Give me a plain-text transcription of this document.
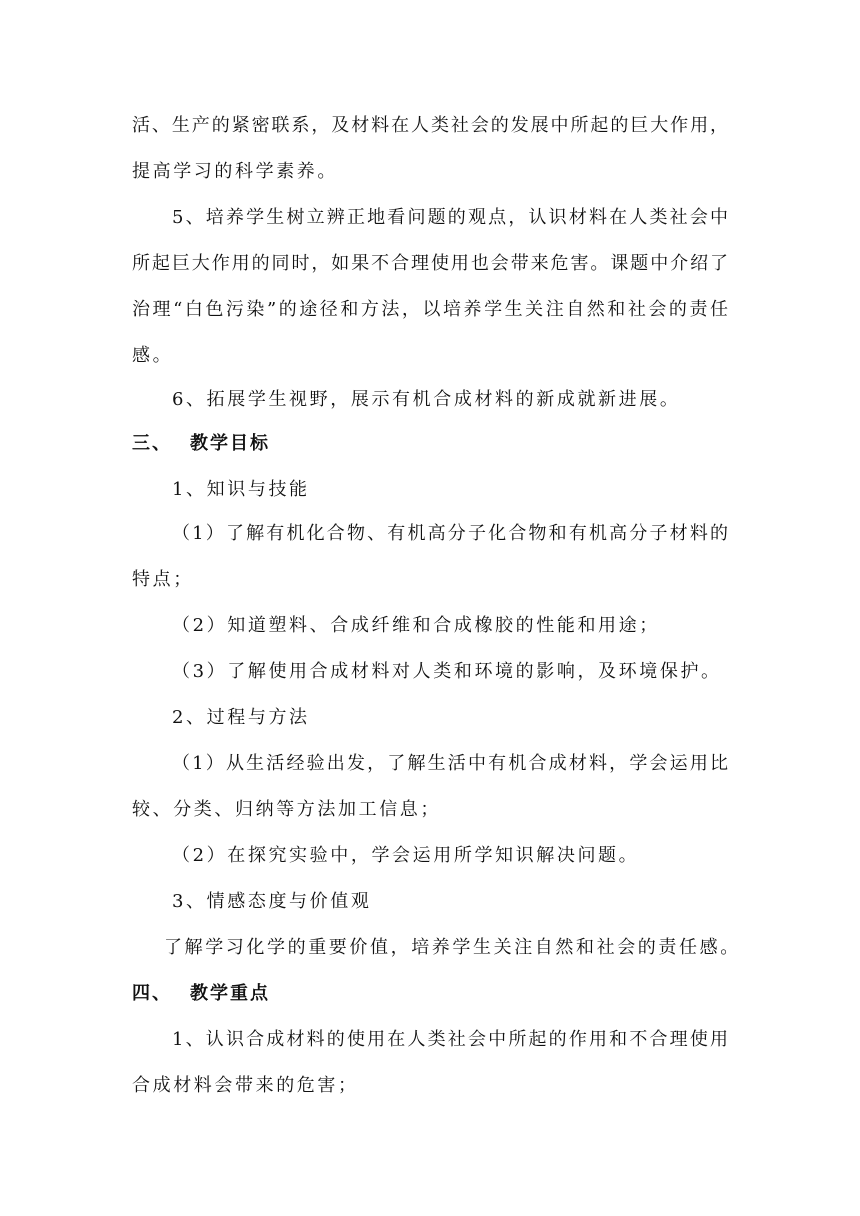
活、生产的紧密联系，及材料在人类社会的发展中所起的巨大作用，
提高学习的科学素养。
5、培养学生树立辨正地看问题的观点，认识材料在人类社会中
所起巨大作用的同时，如果不合理使用也会带来危害。课题中介绍了
治理“白色污染”的途径和方法，以培养学生关注自然和社会的责任
感。
6、拓展学生视野，展示有机合成材料的新成就新进展。
三、 教学目标
1、知识与技能
（1）了解有机化合物、有机高分子化合物和有机高分子材料的
特点；
（2）知道塑料、合成纤维和合成橡胶的性能和用途；
（3）了解使用合成材料对人类和环境的影响，及环境保护。
2、过程与方法
（1）从生活经验出发，了解生活中有机合成材料，学会运用比
较、分类、归纳等方法加工信息；
（2）在探究实验中，学会运用所学知识解决问题。
3、情感态度与价值观
了解学习化学的重要价值，培养学生关注自然和社会的责任感。
四、 教学重点
1、认识合成材料的使用在人类社会中所起的作用和不合理使用
合成材料会带来的危害；
